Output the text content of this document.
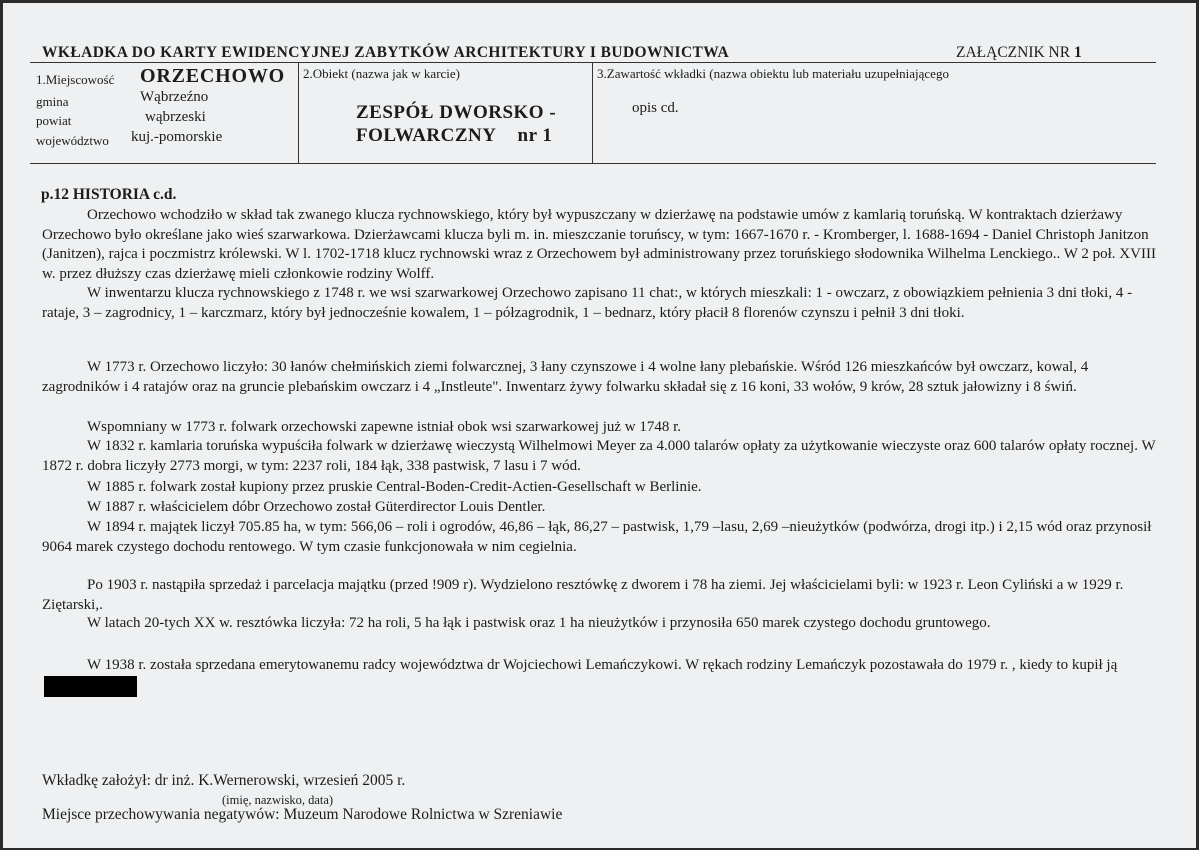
WKŁADKA DO KARTY EWIDENCYJNEJ ZABYTKÓW ARCHITEKTURY I BUDOWNICTWA	ZAŁĄCZNIK NR 1
1.Miejscowość ORZECHOWO
gmina	Wąbrzeźno
powiat	wąbrzeski
województwo kuj.-pomorskie
2.Obiekt (nazwa jak w karcie)
ZESPÓŁ DWORSKO -
FOLWARCZNY nr 1
3.Zawartość wkładki (nazwa obiektu lub materiału uzupełniającego
opis cd.
p.12 HISTORIA c.d.
Orzechowo wchodziło w skład tak zwanego klucza rychnowskiego, który był wypuszczany w dzierżawę na podstawie umów z kamlarią toruńską. W kontraktach dzierżawy Orzechowo było określane jako wieś szarwarkowa. Dzierżawcami klucza byli m. in. mieszczanie toruńscy, w tym: 1667-1670 r. - Kromberger, l. 1688-1694 - Daniel Christoph Janitzon (Janitzen), rajca i poczmistrz królewski. W l. 1702-1718 klucz rychnowski wraz z Orzechowem był administrowany przez toruńskiego słodownika Wilhelma Lenckiego.. W 2 poł. XVIII w. przez dłuższy czas dzierżawę mieli członkowie rodziny Wolff.
W inwentarzu klucza rychnowskiego z 1748 r. we wsi szarwarkowej Orzechowo zapisano 11 chat:, w których mieszkali: 1 - owczarz, z obowiązkiem pełnienia 3 dni tłoki, 4 - rataje, 3 – zagrodnicy, 1 – karczmarz, który był jednocześnie kowalem, 1 – półzagrodnik, 1 – bednarz, który płacił 8 florenów czynszu i pełnił 3 dni tłoki.
W 1773 r. Orzechowo liczyło: 30 łanów chełmińskich ziemi folwarcznej, 3 łany czynszowe i 4 wolne łany plebańskie. Wśród 126 mieszkańców był owczarz, kowal, 4 zagrodników i 4 ratajów oraz na gruncie plebańskim owczarz i 4 „Instleute". Inwentarz żywy folwarku składał się z 16 koni, 33 wołów, 9 krów, 28 sztuk jałowizny i 8 świń.
Wspomniany w 1773 r. folwark orzechowski zapewne istniał obok wsi szarwarkowej już w 1748 r.
W 1832 r. kamlaria toruńska wypuściła folwark w dzierżawę wieczystą Wilhelmowi Meyer za 4.000 talarów opłaty za użytkowanie wieczyste oraz 600 talarów opłaty rocznej. W 1872 r. dobra liczyły 2773 morgi, w tym: 2237 roli, 184 łąk, 338 pastwisk, 7 lasu i 7 wód.
W 1885 r. folwark został kupiony przez pruskie Central-Boden-Credit-Actien-Gesellschaft w Berlinie.
W 1887 r. właścicielem dóbr Orzechowo został Güterdirector Louis Dentler.
W 1894 r. majątek liczył 705.85 ha, w tym: 566,06 – roli i ogrodów, 46,86 – łąk, 86,27 – pastwisk, 1,79 –lasu, 2,69 –nieużytków (podwórza, drogi itp.) i 2,15 wód oraz przynosił 9064 marek czystego dochodu rentowego. W tym czasie funkcjonowała w nim cegielnia.
Po 1903 r. nastąpiła sprzedaż i parcelacja majątku (przed !909 r). Wydzielono resztówkę z dworem i 78 ha ziemi. Jej właścicielami byli: w 1923 r. Leon Cyliński a w 1929 r. Ziętarski,.
W latach 20-tych XX w. resztówka liczyła: 72 ha roli, 5 ha łąk i pastwisk oraz 1 ha nieużytków i przynosiła 650 marek czystego dochodu gruntowego.
W 1938 r. została sprzedana emerytowanemu radcy województwa dr Wojciechowi Lemańczykowi. W rękach rodziny Lemańczyk pozostawała do 1979 r. , kiedy to kupił ją
Wkładkę założył: dr inż. K.Wernerowski, wrzesień 2005 r.
(imię, nazwisko, data)
Miejsce przechowywania negatywów: Muzeum Narodowe Rolnictwa w Szreniawie
